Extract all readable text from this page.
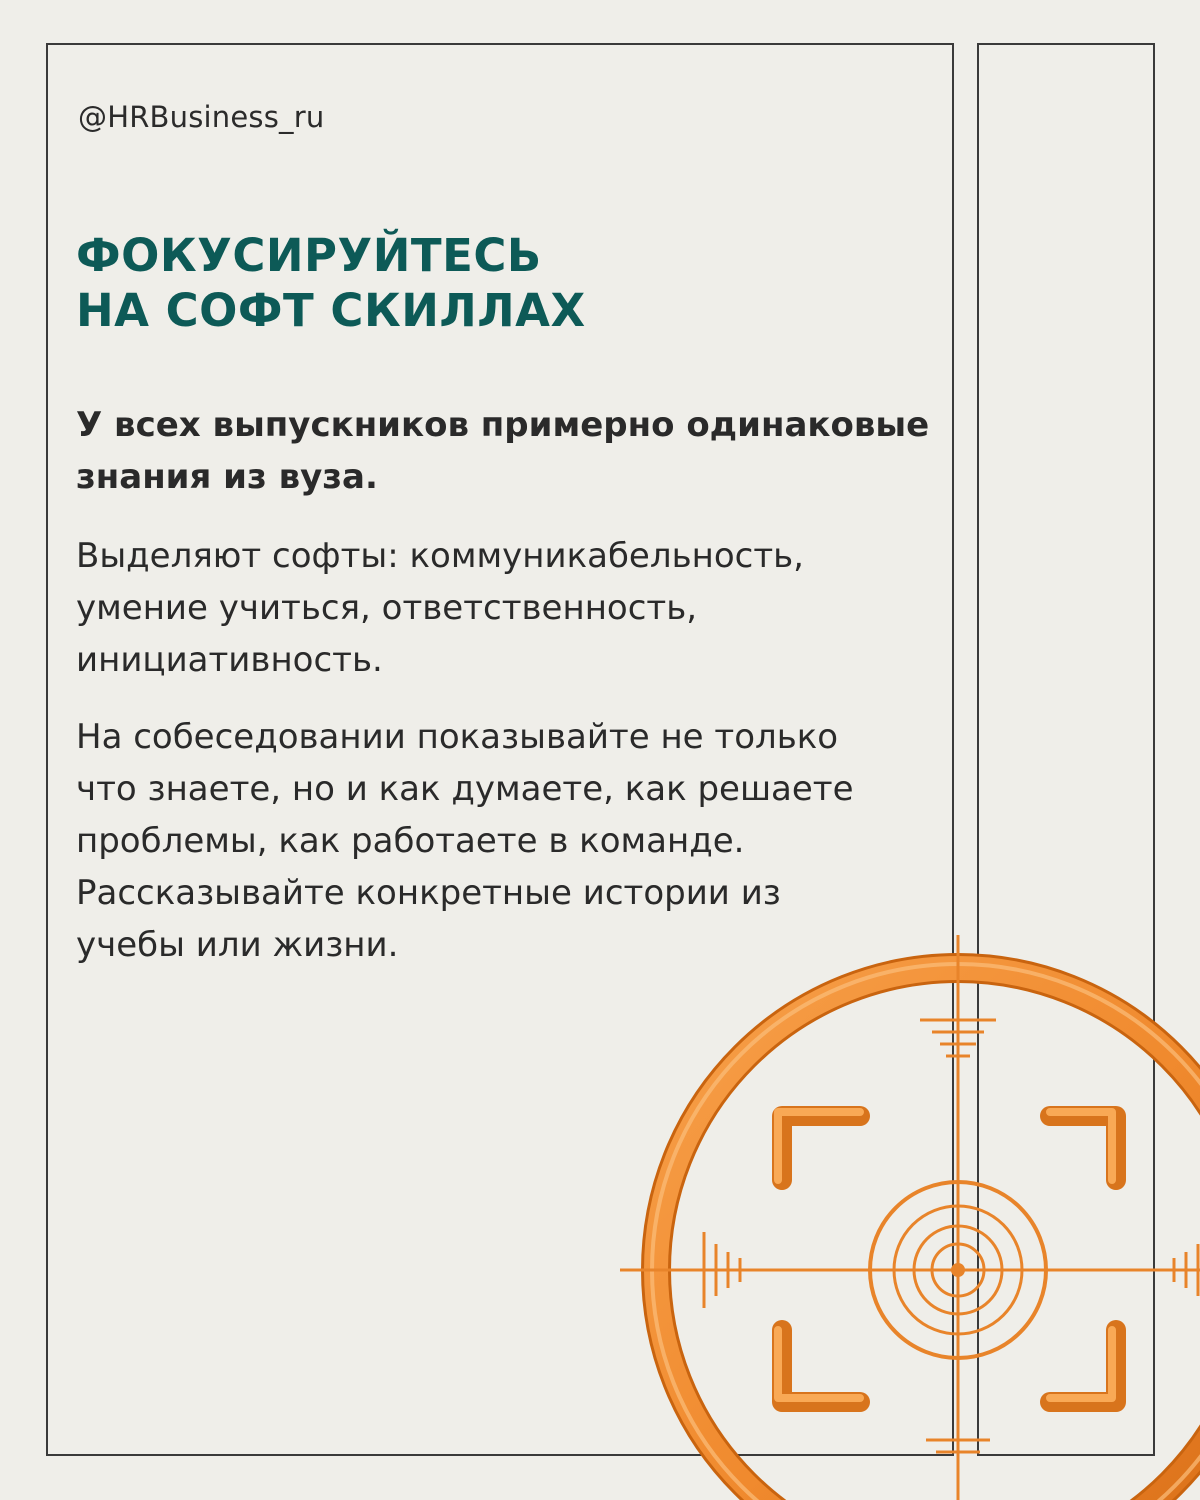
@HRBusiness_ru
ФОКУСИРУЙТЕСЬ
НА СОФТ СКИЛЛАХ

У всех выпускников примерно одинаковые
знания из вуза.

Выделяют софты: коммуникабельность,
умение учиться, ответственность,
инициативность.

На собеседовании показывайте не только
что знаете, но и как думаете, как решаете
проблемы, как работаете в команде.
Рассказывайте конкретные истории из
учебы или жизни.
